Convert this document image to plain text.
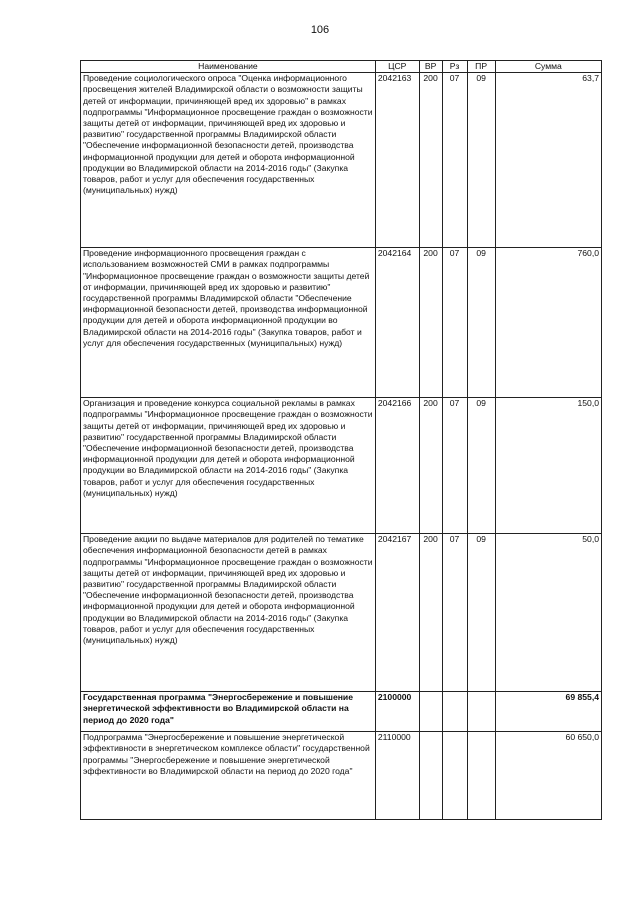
106
Наименование	ЦСР	ВР	Рз	ПР	Сумма
Проведение социологического опроса "Оценка информационного просвещения жителей Владимирской области о возможности защиты детей от информации, причиняющей вред их здоровью" в рамках подпрограммы "Информационное просвещение граждан о возможности защиты детей от информации, причиняющей вред их здоровью и развитию" государственной программы Владимирской области "Обеспечение информационной безопасности детей, производства информационной продукции для детей и оборота информационной продукции во Владимирской области на 2014-2016 годы" (Закупка товаров, работ и услуг для обеспечения государственных (муниципальных) нужд)	2042163	200	07	09	63,7
Проведение информационного просвещения граждан с использованием возможностей СМИ в рамках подпрограммы "Информационное просвещение граждан о возможности защиты детей от информации, причиняющей вред их здоровью и развитию" государственной программы Владимирской области "Обеспечение информационной безопасности детей, производства информационной продукции для детей и оборота информационной продукции во Владимирской области на 2014-2016 годы" (Закупка товаров, работ и услуг для обеспечения государственных (муниципальных) нужд)	2042164	200	07	09	760,0
Организация и проведение конкурса социальной рекламы в рамках подпрограммы "Информационное просвещение граждан о возможности защиты детей от информации, причиняющей вред их здоровью и развитию" государственной программы Владимирской области "Обеспечение информационной безопасности детей, производства информационной продукции для детей и оборота информационной продукции во Владимирской области на 2014-2016 годы" (Закупка товаров, работ и услуг для обеспечения государственных (муниципальных) нужд)	2042166	200	07	09	150,0
Проведение акции по выдаче материалов для родителей по тематике обеспечения информационной безопасности детей в рамках подпрограммы "Информационное просвещение граждан о возможности защиты детей от информации, причиняющей вред их здоровью и развитию" государственной программы Владимирской области "Обеспечение информационной безопасности детей, производства информационной продукции для детей и оборота информационной продукции во Владимирской области на 2014-2016 годы" (Закупка товаров, работ и услуг для обеспечения государственных (муниципальных) нужд)	2042167	200	07	09	50,0
Государственная программа "Энергосбережение и повышение энергетической эффективности во Владимирской области на период до 2020 года"	2100000				69 855,4
Подпрограмма "Энергосбережение и повышение энергетической эффективности в энергетическом комплексе области" государственной программы "Энергосбережение и повышение энергетической эффективности во Владимирской области на период до 2020 года"	2110000				60 650,0
